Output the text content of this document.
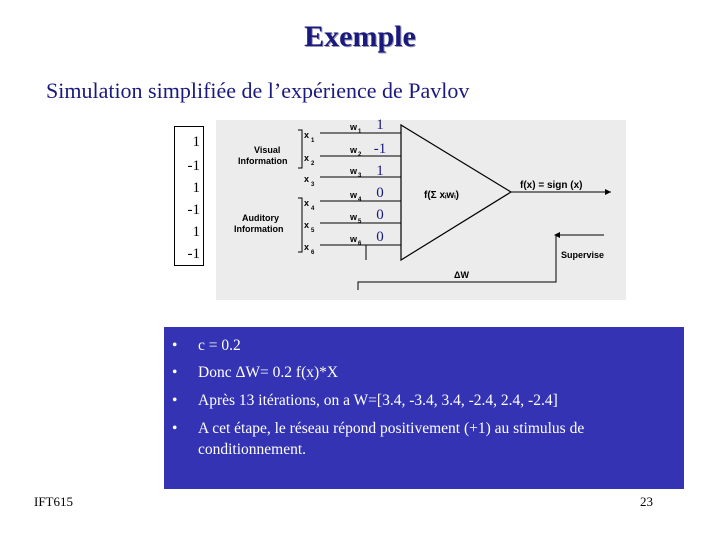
Exemple
Simulation simplifiée de l’expérience de Pavlov
1
-1
1
-1
1
-1
Visual
Information
Auditory
Information
x
1
x
2
x
3
x
4
x
5
x
6
w 1
w 2
w 3
w 4
w 5
w 6
f(Σ xᵢwᵢ)
f(x) = sign (x)
Supervise
ΔW
1
-1
1
0
0
0
• c = 0.2
• Donc ΔW= 0.2 f(x)*X
• Après 13 itérations, on a W=[3.4, -3.4, 3.4, -2.4, 2.4, -2.4]
• A cet étape, le réseau répond positivement (+1) au stimulus de conditionnement.
IFT615	23
